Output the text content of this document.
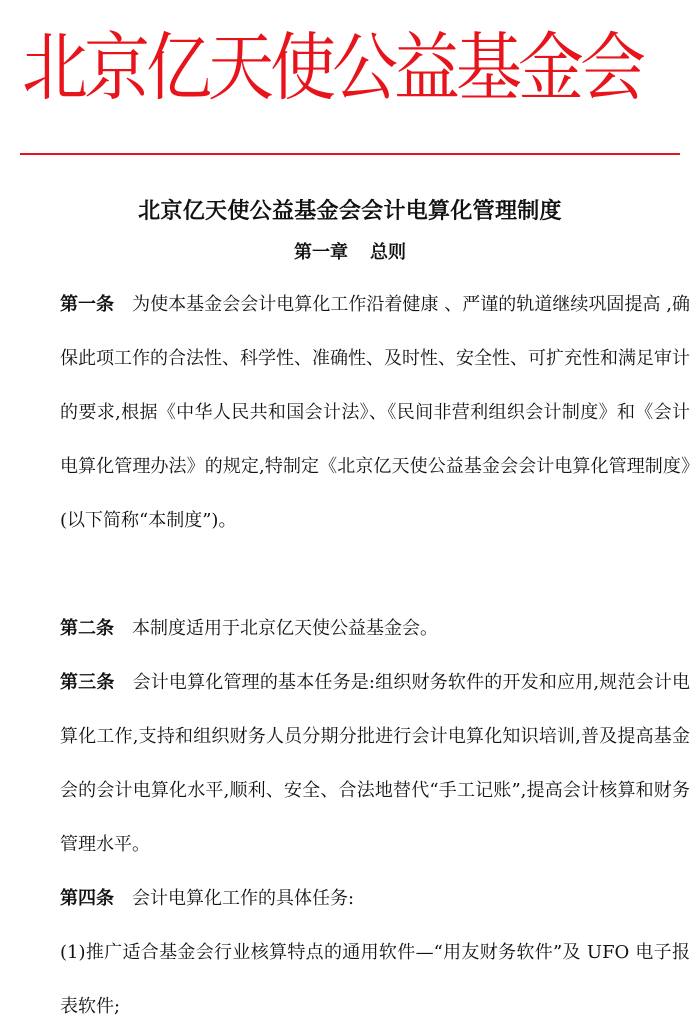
北京亿天使公益基金会
北京亿天使公益基金会会计电算化管理制度
第一章 总则
第一条 为使本基金会会计电算化工作沿着健康 、严谨的轨道继续巩固提高 ,确保此项工作的合法性、科学性、准确性、及时性、安全性、可扩充性和满足审计的要求,根据《中华人民共和国会计法》、《民间非营利组织会计制度》和《会计电算化管理办法》的规定,特制定《北京亿天使公益基金会会计电算化管理制度》(以下简称“本制度”)。
第二条 本制度适用于北京亿天使公益基金会。
第三条 会计电算化管理的基本任务是:组织财务软件的开发和应用,规范会计电算化工作,支持和组织财务人员分期分批进行会计电算化知识培训,普及提高基金会的会计电算化水平,顺利、安全、合法地替代“手工记账”,提高会计核算和财务管理水平。
第四条 会计电算化工作的具体任务:
(1)推广适合基金会行业核算特点的通用软件—“用友财务软件”及 UFO 电子报表软件;
